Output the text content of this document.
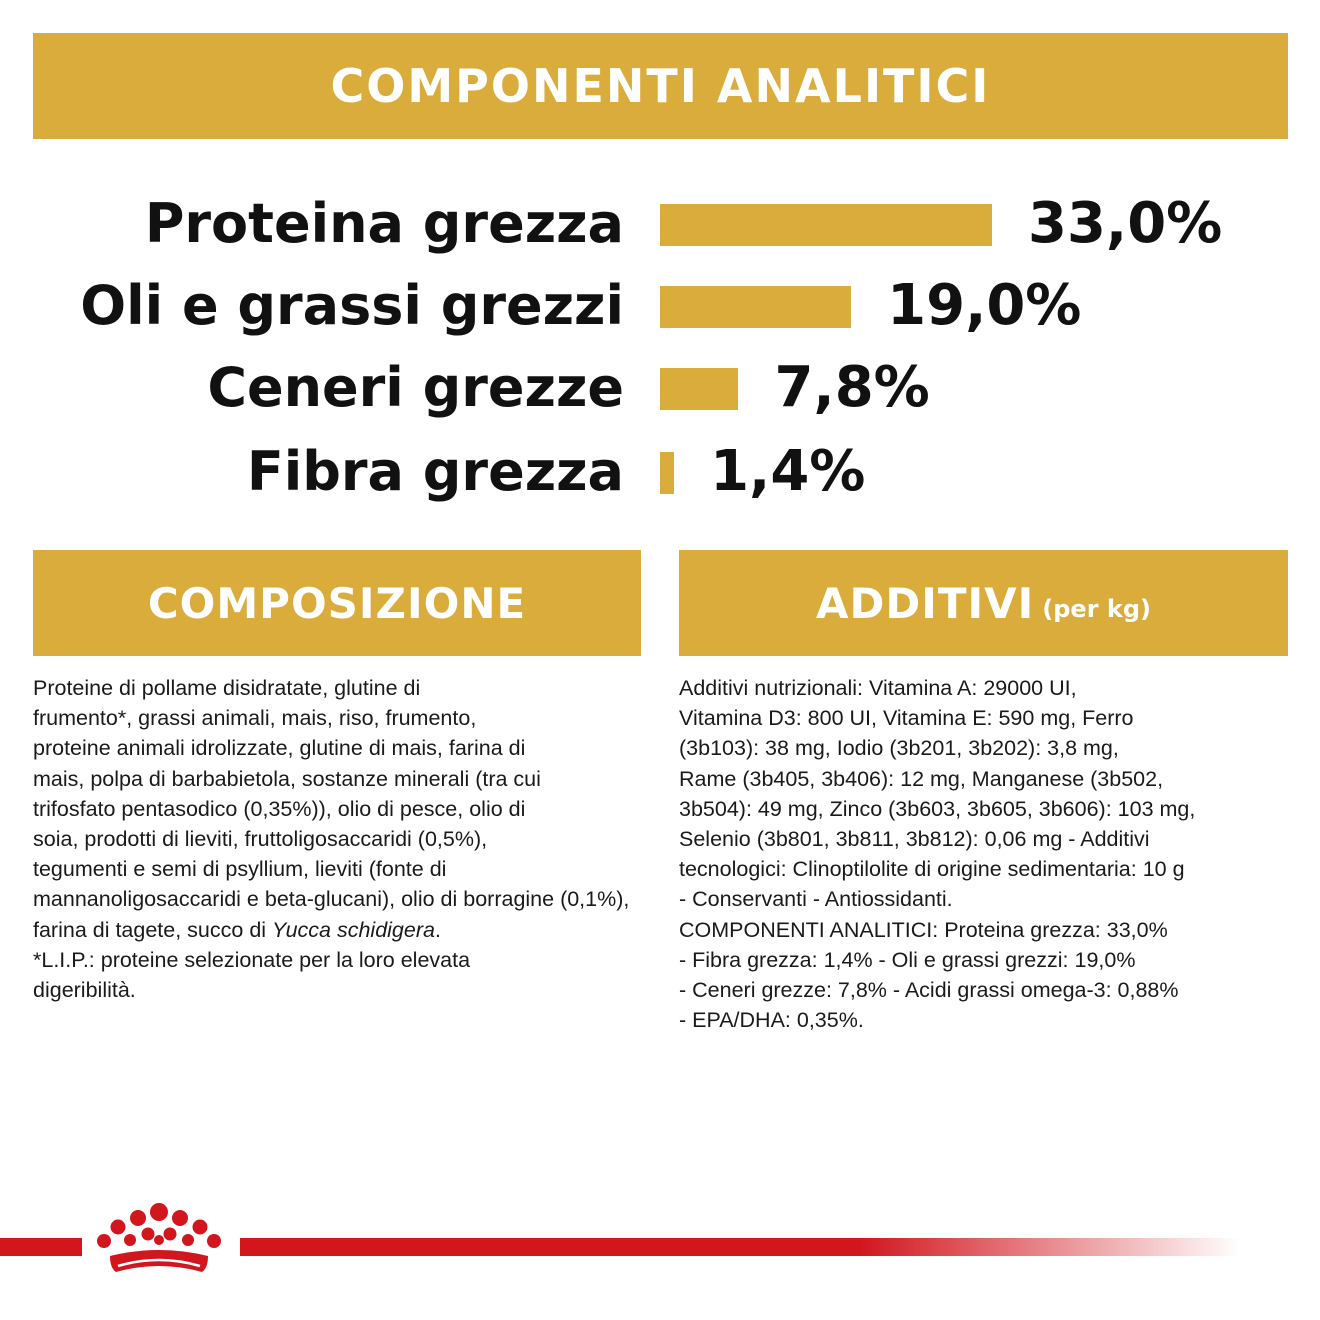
COMPONENTI ANALITICI
Proteina grezza	33,0%
Oli e grassi grezzi	19,0%
Ceneri grezze	7,8%
Fibra grezza 1,4%
COMPOSIZIONE	ADDITIVI (per kg)
Proteine di pollame disidratate, glutine di
frumento*, grassi animali, mais, riso, frumento,
proteine animali idrolizzate, glutine di mais, farina di
mais, polpa di barbabietola, sostanze minerali (tra cui
trifosfato pentasodico (0,35%)), olio di pesce, olio di
soia, prodotti di lieviti, fruttoligosaccaridi (0,5%),
tegumenti e semi di psyllium, lieviti (fonte di
mannanoligosaccaridi e beta-glucani), olio di borragine (0,1%),
farina di tagete, succo di Yucca schidigera.
*L.I.P.: proteine selezionate per la loro elevata
digeribilità.
Additivi nutrizionali: Vitamina A: 29000 UI,
Vitamina D3: 800 UI, Vitamina E: 590 mg, Ferro
(3b103): 38 mg, Iodio (3b201, 3b202): 3,8 mg,
Rame (3b405, 3b406): 12 mg, Manganese (3b502,
3b504): 49 mg, Zinco (3b603, 3b605, 3b606): 103 mg,
Selenio (3b801, 3b811, 3b812): 0,06 mg - Additivi
tecnologici: Clinoptilolite di origine sedimentaria: 10 g
- Conservanti - Antiossidanti.
COMPONENTI ANALITICI: Proteina grezza: 33,0%
- Fibra grezza: 1,4% - Oli e grassi grezzi: 19,0%
- Ceneri grezze: 7,8% - Acidi grassi omega-3: 0,88%
- EPA/DHA: 0,35%.
